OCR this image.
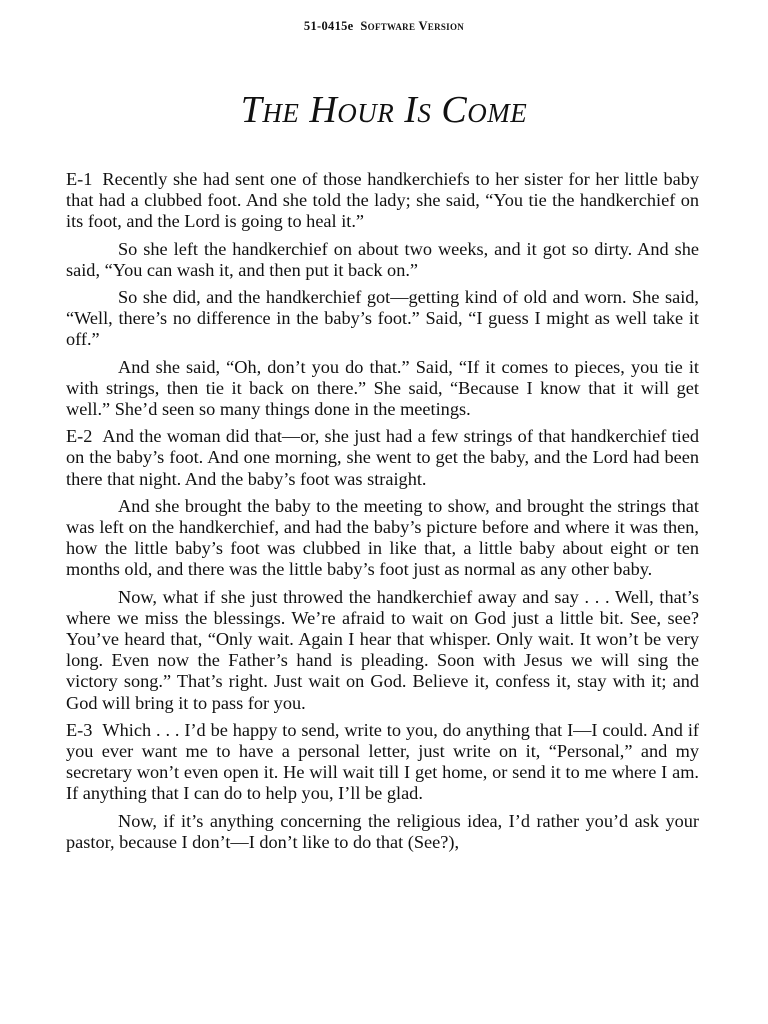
51-0415e Software Version
The Hour Is Come

E-1 Recently she had sent one of those handkerchiefs to her sister for her little baby that had a clubbed foot. And she told the lady; she said, “You tie the handkerchief on its foot, and the Lord is going to heal it.”

So she left the handkerchief on about two weeks, and it got so dirty. And she said, “You can wash it, and then put it back on.”

So she did, and the handkerchief got—getting kind of old and worn. She said, “Well, there’s no difference in the baby’s foot.” Said, “I guess I might as well take it off.”

And she said, “Oh, don’t you do that.” Said, “If it comes to pieces, you tie it with strings, then tie it back on there.” She said, “Because I know that it will get well.” She’d seen so many things done in the meetings.

E-2 And the woman did that—or, she just had a few strings of that handkerchief tied on the baby’s foot. And one morning, she went to get the baby, and the Lord had been there that night. And the baby’s foot was straight.

And she brought the baby to the meeting to show, and brought the strings that was left on the handkerchief, and had the baby’s picture before and where it was then, how the little baby’s foot was clubbed in like that, a little baby about eight or ten months old, and there was the little baby’s foot just as normal as any other baby.

Now, what if she just throwed the handkerchief away and say . . . Well, that’s where we miss the blessings. We’re afraid to wait on God just a little bit. See, see? You’ve heard that, “Only wait. Again I hear that whisper. Only wait. It won’t be very long. Even now the Father’s hand is pleading. Soon with Jesus we will sing the victory song.” That’s right. Just wait on God. Believe it, confess it, stay with it; and God will bring it to pass for you.

E-3 Which . . . I’d be happy to send, write to you, do anything that I—I could. And if you ever want me to have a personal letter, just write on it, “Personal,” and my secretary won’t even open it. He will wait till I get home, or send it to me where I am. If anything that I can do to help you, I’ll be glad.

Now, if it’s anything concerning the religious idea, I’d rather you’d ask your pastor, because I don’t—I don’t like to do that (See?),
